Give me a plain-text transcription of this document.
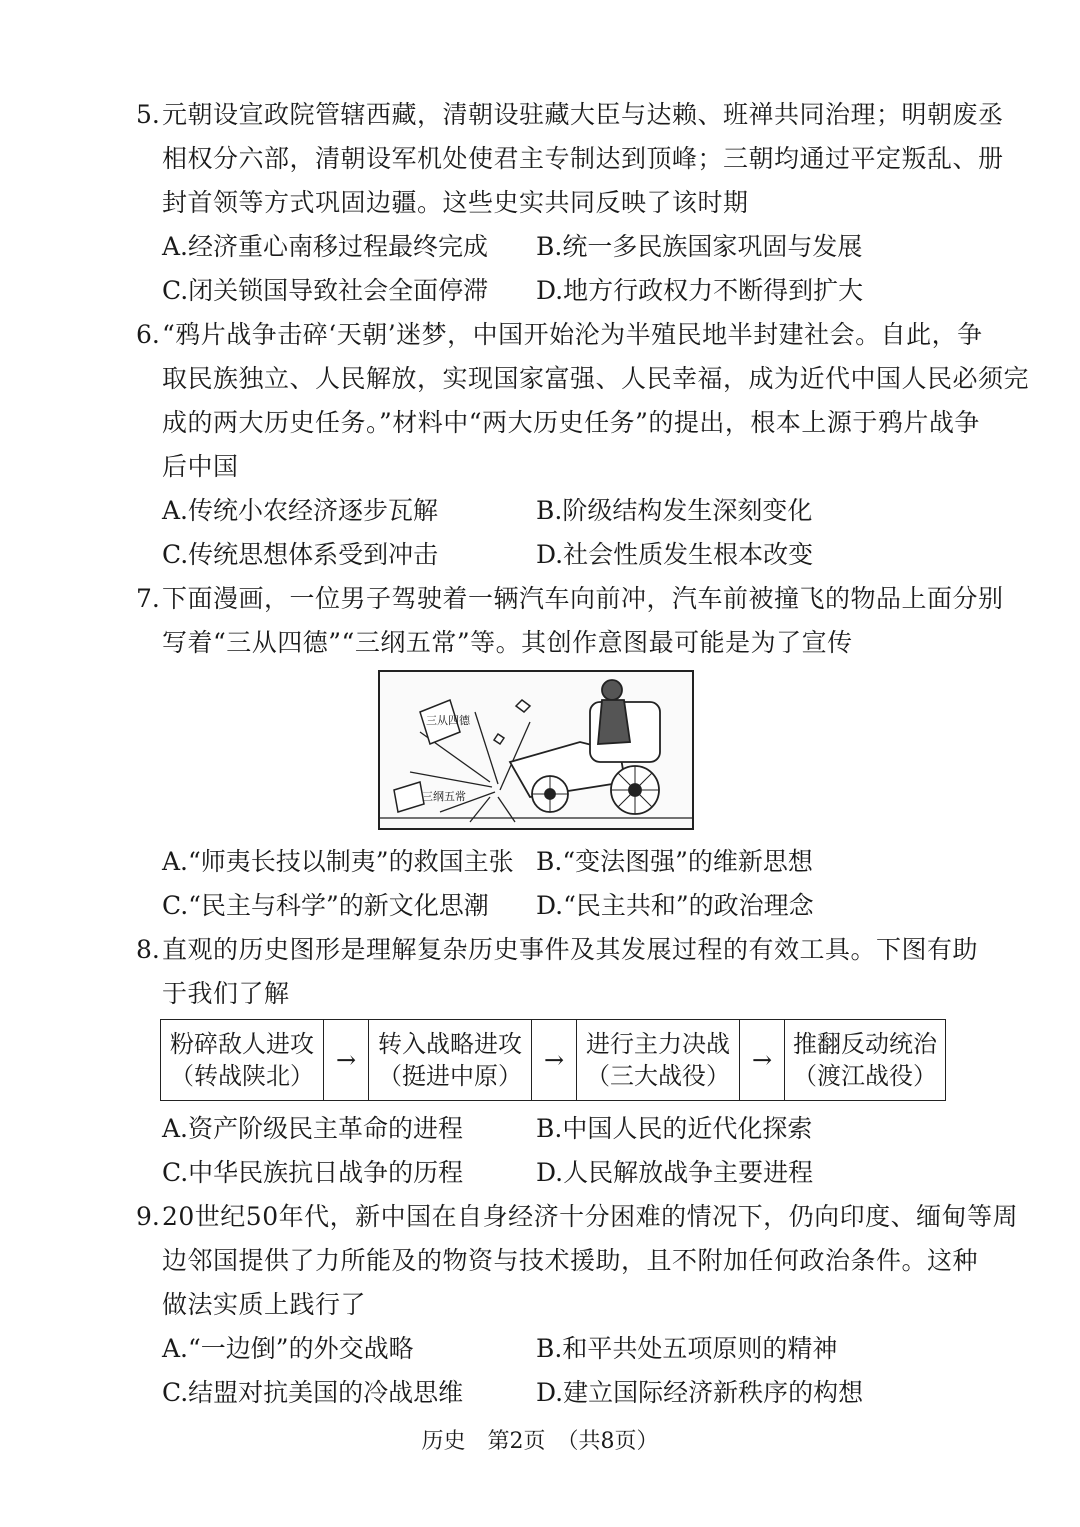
5. 元朝设宣政院管辖西藏，清朝设驻藏大臣与达赖、班禅共同治理；明朝废丞
相权分六部，清朝设军机处使君主专制达到顶峰；三朝均通过平定叛乱、册
封首领等方式巩固边疆。这些史实共同反映了该时期
A.经济重心南移过程最终完成 B.统一多民族国家巩固与发展
C.闭关锁国导致社会全面停滞 D.地方行政权力不断得到扩大
6. “鸦片战争击碎‘天朝’迷梦，中国开始沦为半殖民地半封建社会。自此，争
取民族独立、人民解放，实现国家富强、人民幸福，成为近代中国人民必须完
成的两大历史任务。”材料中“两大历史任务”的提出，根本上源于鸦片战争
后中国
A.传统小农经济逐步瓦解	B.阶级结构发生深刻变化
C.传统思想体系受到冲击	D.社会性质发生根本改变
7. 下面漫画，一位男子驾驶着一辆汽车向前冲，汽车前被撞飞的物品上面分别
写着“三从四德”“三纲五常”等。其创作意图最可能是为了宣传
三从四德
三纲五常
A.“师夷长技以制夷”的救国主张 B.“变法图强”的维新思想
C.“民主与科学”的新文化思潮 D.“民主共和”的政治理念
8. 直观的历史图形是理解复杂历史事件及其发展过程的有效工具。下图有助
于我们了解
粉碎敌人进攻
（转战陕北）
→
转入战略进攻
（挺进中原）
→
进行主力决战
（三大战役）
→
推翻反动统治
（渡江战役）
A.资产阶级民主革命的进程	B.中国人民的近代化探索
C.中华民族抗日战争的历程	D.人民解放战争主要进程
9. 20世纪50年代，新中国在自身经济十分困难的情况下，仍向印度、缅甸等周
边邻国提供了力所能及的物资与技术援助，且不附加任何政治条件。这种
做法实质上践行了
A.“一边倒”的外交战略	B.和平共处五项原则的精神
C.结盟对抗美国的冷战思维	D.建立国际经济新秩序的构想
历史　第2页　（共8页）
